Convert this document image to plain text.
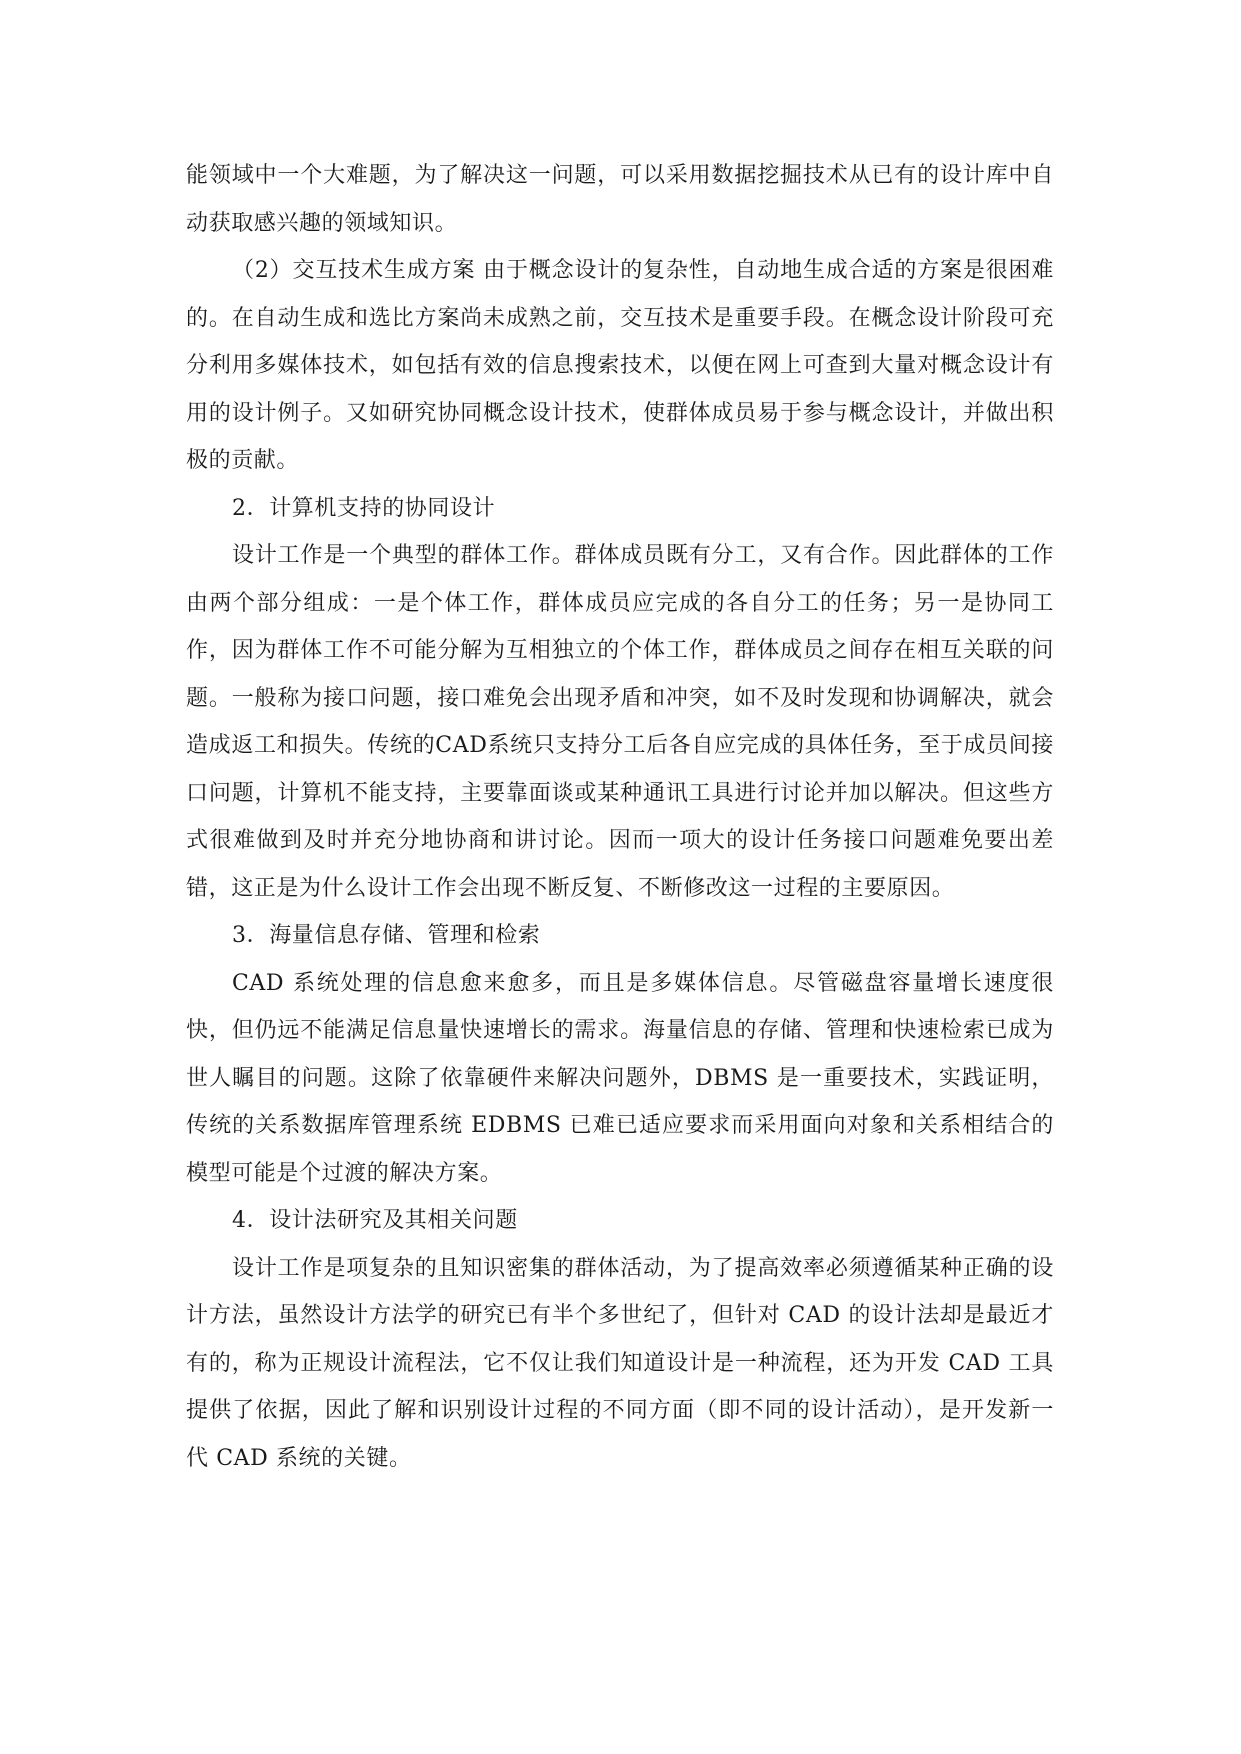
能领域中一个大难题，为了解决这一问题，可以采用数据挖掘技术从已有的设计库中自动获取感兴趣的领域知识。

（2）交互技术生成方案 由于概念设计的复杂性，自动地生成合适的方案是很困难的。在自动生成和选比方案尚未成熟之前，交互技术是重要手段。在概念设计阶段可充分利用多媒体技术，如包括有效的信息搜索技术，以便在网上可查到大量对概念设计有用的设计例子。又如研究协同概念设计技术，使群体成员易于参与概念设计，并做出积极的贡献。

2．计算机支持的协同设计

设计工作是一个典型的群体工作。群体成员既有分工，又有合作。因此群体的工作由两个部分组成：一是个体工作，群体成员应完成的各自分工的任务；另一是协同工作，因为群体工作不可能分解为互相独立的个体工作，群体成员之间存在相互关联的问题。一般称为接口问题，接口难免会出现矛盾和冲突，如不及时发现和协调解决，就会造成返工和损失。传统的CAD系统只支持分工后各自应完成的具体任务，至于成员间接口问题，计算机不能支持，主要靠面谈或某种通讯工具进行讨论并加以解决。但这些方式很难做到及时并充分地协商和讲讨论。因而一项大的设计任务接口问题难免要出差错，这正是为什么设计工作会出现不断反复、不断修改这一过程的主要原因。

3．海量信息存储、管理和检索

CAD 系统处理的信息愈来愈多，而且是多媒体信息。尽管磁盘容量增长速度很快，但仍远不能满足信息量快速增长的需求。海量信息的存储、管理和快速检索已成为世人瞩目的问题。这除了依靠硬件来解决问题外，DBMS 是一重要技术，实践证明，传统的关系数据库管理系统 EDBMS 已难已适应要求而采用面向对象和关系相结合的模型可能是个过渡的解决方案。

4．设计法研究及其相关问题

设计工作是项复杂的且知识密集的群体活动，为了提高效率必须遵循某种正确的设计方法，虽然设计方法学的研究已有半个多世纪了，但针对 CAD 的设计法却是最近才有的，称为正规设计流程法，它不仅让我们知道设计是一种流程，还为开发 CAD 工具提供了依据，因此了解和识别设计过程的不同方面（即不同的设计活动），是开发新一代 CAD 系统的关键。
